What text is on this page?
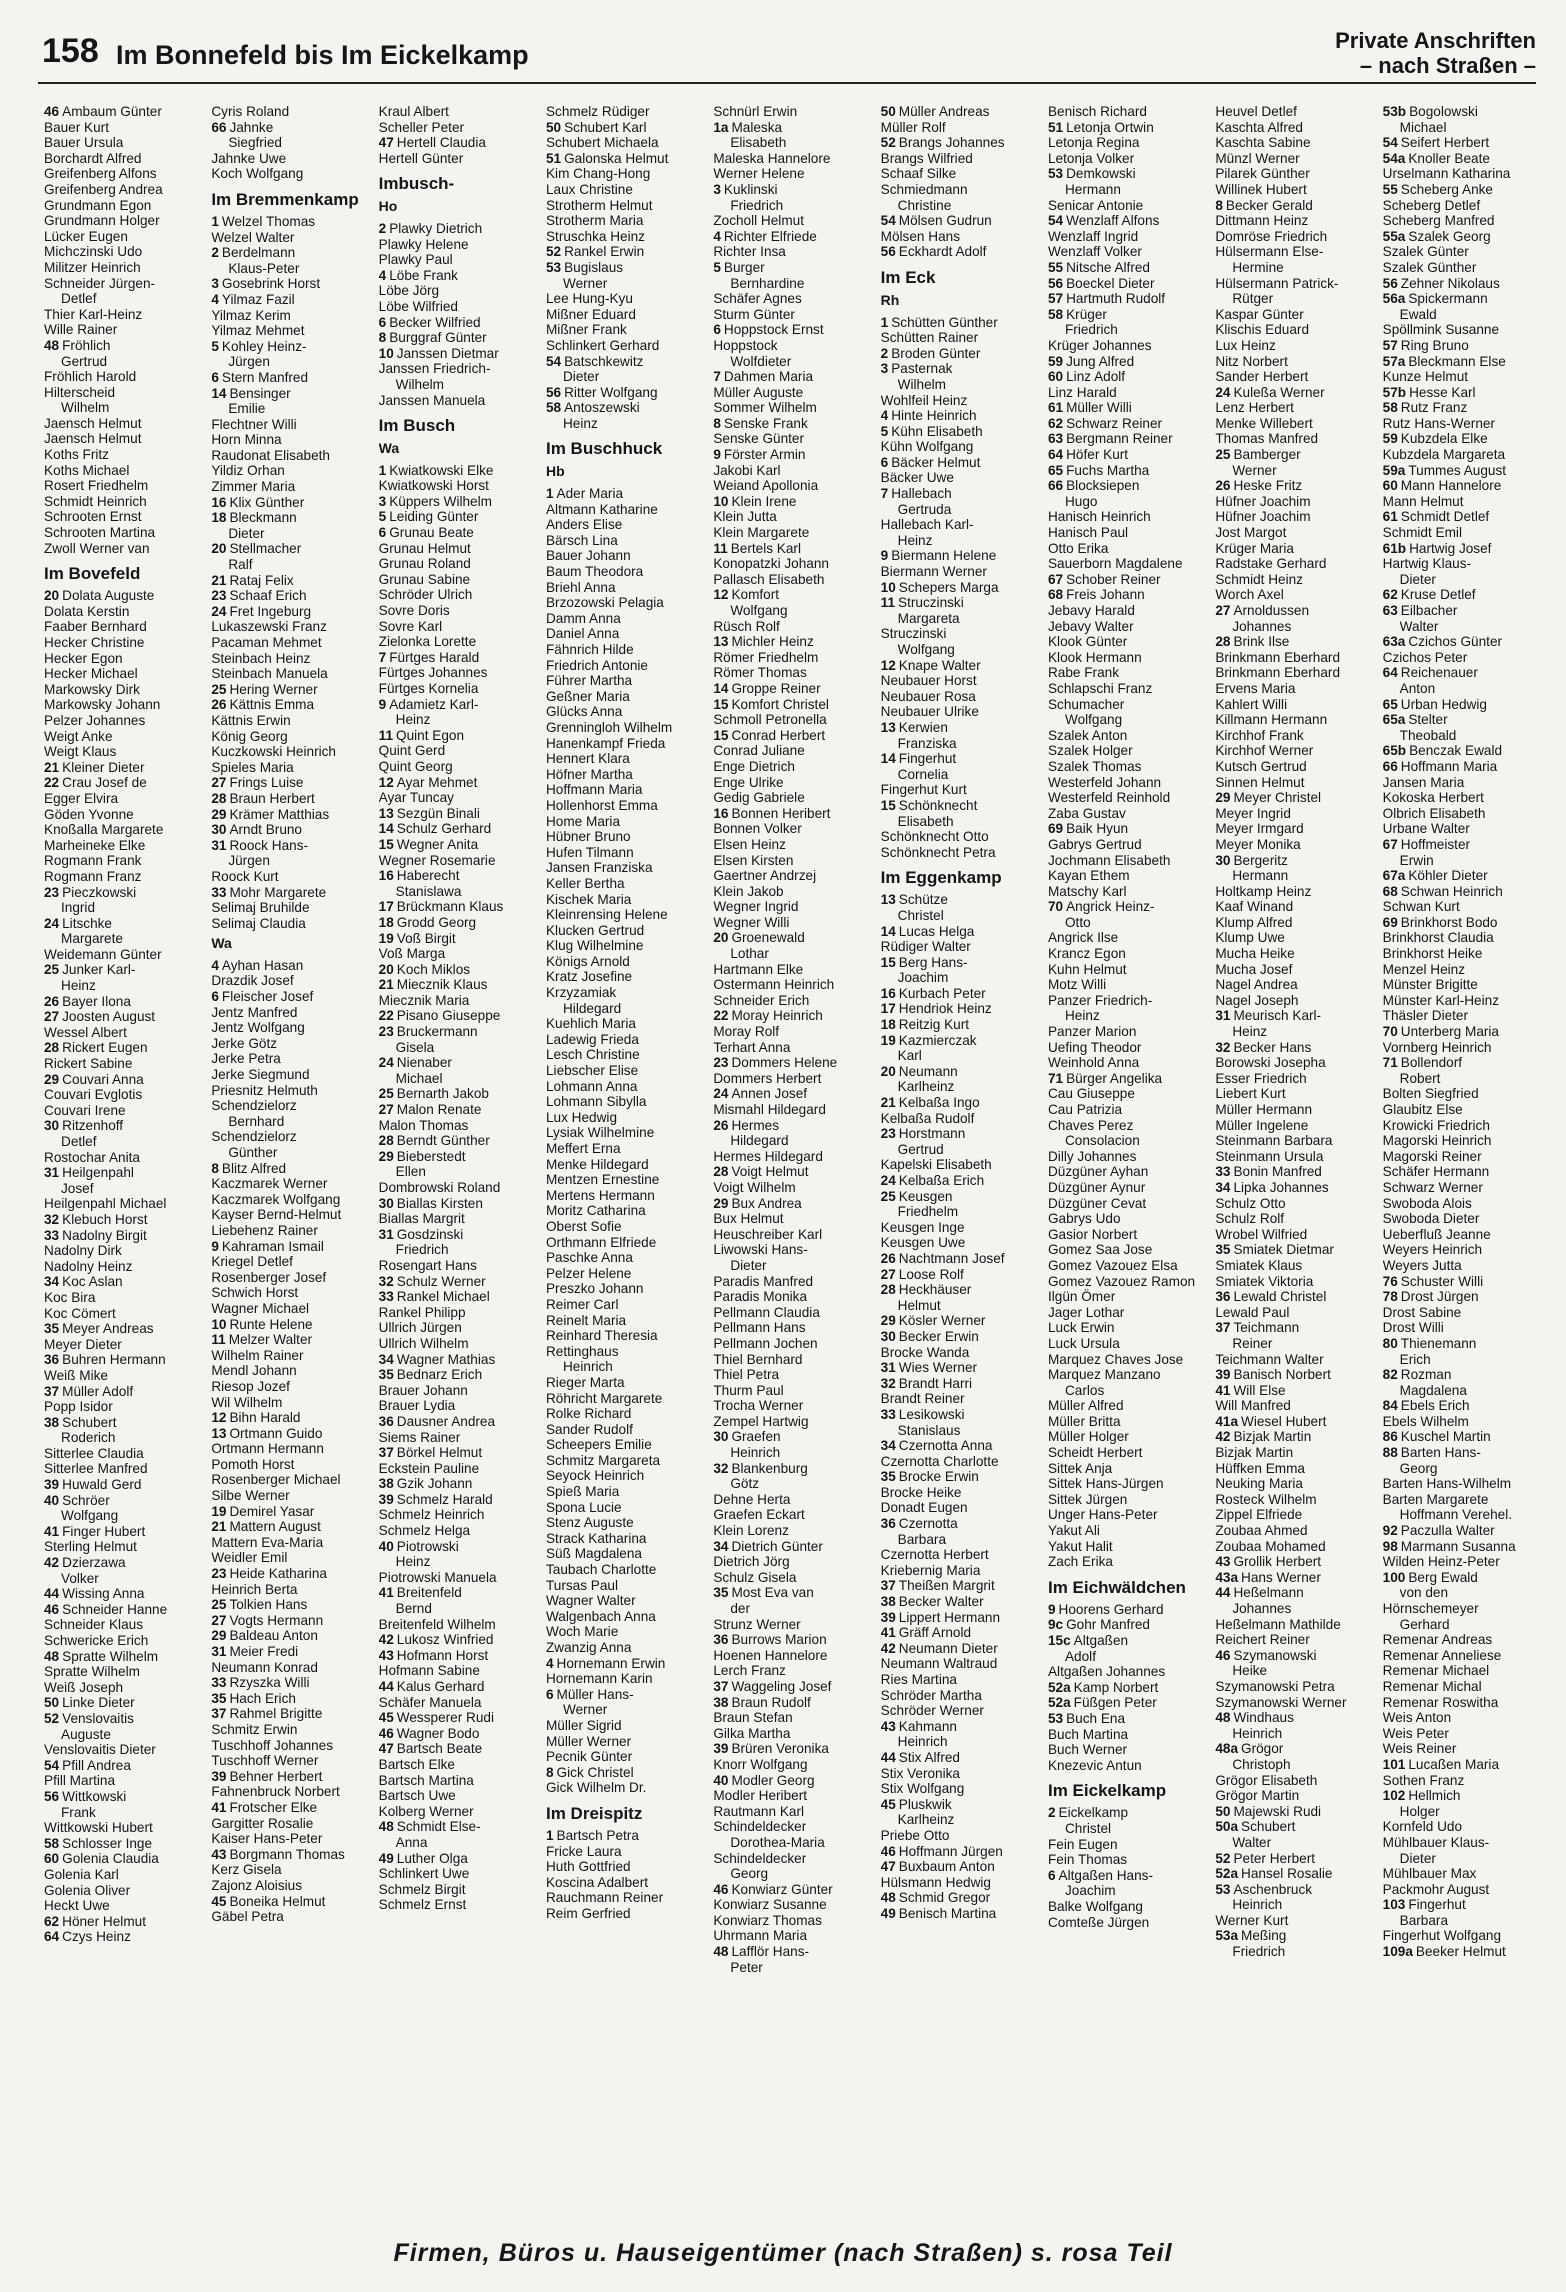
158 Im Bonnefeld bis Im Eickelkamp	Private Anschriften
– nach Straßen –
46 Ambaum Günter
Bauer Kurt
Bauer Ursula
Borchardt Alfred
Greifenberg Alfons
Greifenberg Andrea
Grundmann Egon
Grundmann Holger
Lücker Eugen
Michczinski Udo
Militzer Heinrich
Schneider Jürgen-
Detlef
Thier Karl-Heinz
Wille Rainer
48 Fröhlich
Gertrud
Fröhlich Harold
Hilterscheid
Wilhelm
Jaensch Helmut
Jaensch Helmut
Koths Fritz
Koths Michael
Rosert Friedhelm
Schmidt Heinrich
Schrooten Ernst
Schrooten Martina
Zwoll Werner van
Im Bovefeld
20 Dolata Auguste
Dolata Kerstin
Faaber Bernhard
Hecker Christine
Hecker Egon
Hecker Michael
Markowsky Dirk
Markowsky Johann
Pelzer Johannes
Weigt Anke
Weigt Klaus
21 Kleiner Dieter
22 Crau Josef de
Egger Elvira
Göden Yvonne
Knoßalla Margarete
Marheineke Elke
Rogmann Frank
Rogmann Franz
23 Pieczkowski
Ingrid
24 Litschke
Margarete
Weidemann Günter
25 Junker Karl-
Heinz
26 Bayer Ilona
27 Joosten August
Wessel Albert
28 Rickert Eugen
Rickert Sabine
29 Couvari Anna
Couvari Evglotis
Couvari Irene
30 Ritzenhoff
Detlef
Rostochar Anita
31 Heilgenpahl
Josef
Heilgenpahl Michael
32 Klebuch Horst
33 Nadolny Birgit
Nadolny Dirk
Nadolny Heinz
34 Koc Aslan
Koc Bira
Koc Cömert
35 Meyer Andreas
Meyer Dieter
36 Buhren Hermann
Weiß Mike
37 Müller Adolf
Popp Isidor
38 Schubert
Roderich
Sitterlee Claudia
Sitterlee Manfred
39 Huwald Gerd
40 Schröer
Wolfgang
41 Finger Hubert
Sterling Helmut
42 Dzierzawa
Volker
44 Wissing Anna
46 Schneider Hanne
Schneider Klaus
Schwericke Erich
48 Spratte Wilhelm
Spratte Wilhelm
Weiß Joseph
50 Linke Dieter
52 Venslovaitis
Auguste
Venslovaitis Dieter
54 Pfill Andrea
Pfill Martina
56 Wittkowski
Frank
Wittkowski Hubert
58 Schlosser Inge
60 Golenia Claudia
Golenia Karl
Golenia Oliver
Heckt Uwe
62 Höner Helmut
64 Czys Heinz
Cyris Roland
66 Jahnke
Siegfried
Jahnke Uwe
Koch Wolfgang
Im Bremmenkamp
1 Welzel Thomas
Welzel Walter
2 Berdelmann
Klaus-Peter
3 Gosebrink Horst
4 Yilmaz Fazil
Yilmaz Kerim
Yilmaz Mehmet
5 Kohley Heinz-
Jürgen
6 Stern Manfred
14 Bensinger
Emilie
Flechtner Willi
Horn Minna
Raudonat Elisabeth
Yildiz Orhan
Zimmer Maria
16 Klix Günther
18 Bleckmann
Dieter
20 Stellmacher
Ralf
21 Rataj Felix
23 Schaaf Erich
24 Fret Ingeburg
Lukaszewski Franz
Pacaman Mehmet
Steinbach Heinz
Steinbach Manuela
25 Hering Werner
26 Kättnis Emma
Kättnis Erwin
König Georg
Kuczkowski Heinrich
Spieles Maria
27 Frings Luise
28 Braun Herbert
29 Krämer Matthias
30 Arndt Bruno
31 Roock Hans-
Jürgen
Roock Kurt
33 Mohr Margarete
Selimaj Bruhilde
Selimaj Claudia
Wa
4 Ayhan Hasan
Drazdik Josef
6 Fleischer Josef
Jentz Manfred
Jentz Wolfgang
Jerke Götz
Jerke Petra
Jerke Siegmund
Priesnitz Helmuth
Schendzielorz
Bernhard
Schendzielorz
Günther
8 Blitz Alfred
Kaczmarek Werner
Kaczmarek Wolfgang
Kayser Bernd-Helmut
Liebehenz Rainer
9 Kahraman Ismail
Kriegel Detlef
Rosenberger Josef
Schwich Horst
Wagner Michael
10 Runte Helene
11 Melzer Walter
Wilhelm Rainer
Mendl Johann
Riesop Jozef
Wil Wilhelm
12 Bihn Harald
13 Ortmann Guido
Ortmann Hermann
Pomoth Horst
Rosenberger Michael
Silbe Werner
19 Demirel Yasar
21 Mattern August
Mattern Eva-Maria
Weidler Emil
23 Heide Katharina
Heinrich Berta
25 Tolkien Hans
27 Vogts Hermann
29 Baldeau Anton
31 Meier Fredi
Neumann Konrad
33 Rzyszka Willi
35 Hach Erich
37 Rahmel Brigitte
Schmitz Erwin
Tuschhoff Johannes
Tuschhoff Werner
39 Behner Herbert
Fahnenbruck Norbert
41 Frotscher Elke
Gargitter Rosalie
Kaiser Hans-Peter
43 Borgmann Thomas
Kerz Gisela
Zajonz Aloisius
45 Boneika Helmut
Gäbel Petra
Kraul Albert
Scheller Peter
47 Hertell Claudia
Hertell Günter
Imbusch-
Ho
2 Plawky Dietrich
Plawky Helene
Plawky Paul
4 Löbe Frank
Löbe Jörg
Löbe Wilfried
6 Becker Wilfried
8 Burggraf Günter
10 Janssen Dietmar
Janssen Friedrich-
Wilhelm
Janssen Manuela
Im Busch
Wa
1 Kwiatkowski Elke
Kwiatkowski Horst
3 Küppers Wilhelm
5 Leiding Günter
6 Grunau Beate
Grunau Helmut
Grunau Roland
Grunau Sabine
Schröder Ulrich
Sovre Doris
Sovre Karl
Zielonka Lorette
7 Fürtges Harald
Fürtges Johannes
Fürtges Kornelia
9 Adamietz Karl-
Heinz
11 Quint Egon
Quint Gerd
Quint Georg
12 Ayar Mehmet
Ayar Tuncay
13 Sezgün Binali
14 Schulz Gerhard
15 Wegner Anita
Wegner Rosemarie
16 Haberecht
Stanislawa
17 Brückmann Klaus
18 Grodd Georg
19 Voß Birgit
Voß Marga
20 Koch Miklos
21 Miecznik Klaus
Miecznik Maria
22 Pisano Giuseppe
23 Bruckermann
Gisela
24 Nienaber
Michael
25 Bernarth Jakob
27 Malon Renate
Malon Thomas
28 Berndt Günther
29 Bieberstedt
Ellen
Dombrowski Roland
30 Biallas Kirsten
Biallas Margrit
31 Gosdzinski
Friedrich
Rosengart Hans
32 Schulz Werner
33 Rankel Michael
Rankel Philipp
Ullrich Jürgen
Ullrich Wilhelm
34 Wagner Mathias
35 Bednarz Erich
Brauer Johann
Brauer Lydia
36 Dausner Andrea
Siems Rainer
37 Börkel Helmut
Eckstein Pauline
38 Gzik Johann
39 Schmelz Harald
Schmelz Heinrich
Schmelz Helga
40 Piotrowski
Heinz
Piotrowski Manuela
41 Breitenfeld
Bernd
Breitenfeld Wilhelm
42 Lukosz Winfried
43 Hofmann Horst
Hofmann Sabine
44 Kalus Gerhard
Schäfer Manuela
45 Wessperer Rudi
46 Wagner Bodo
47 Bartsch Beate
Bartsch Elke
Bartsch Martina
Bartsch Uwe
Kolberg Werner
48 Schmidt Else-
Anna
49 Luther Olga
Schlinkert Uwe
Schmelz Birgit
Schmelz Ernst
Schmelz Rüdiger
50 Schubert Karl
Schubert Michaela
51 Galonska Helmut
Kim Chang-Hong
Laux Christine
Strotherm Helmut
Strotherm Maria
Struschka Heinz
52 Rankel Erwin
53 Bugislaus
Werner
Lee Hung-Kyu
Mißner Eduard
Mißner Frank
Schlinkert Gerhard
54 Batschkewitz
Dieter
56 Ritter Wolfgang
58 Antoszewski
Heinz
Im Buschhuck
Hb
1 Ader Maria
Altmann Katharine
Anders Elise
Bärsch Lina
Bauer Johann
Baum Theodora
Briehl Anna
Brzozowski Pelagia
Damm Anna
Daniel Anna
Fähnrich Hilde
Friedrich Antonie
Führer Martha
Geßner Maria
Glücks Anna
Grenningloh Wilhelm
Hanenkampf Frieda
Hennert Klara
Höfner Martha
Hoffmann Maria
Hollenhorst Emma
Home Maria
Hübner Bruno
Hufen Tilmann
Jansen Franziska
Keller Bertha
Kischek Maria
Kleinrensing Helene
Klucken Gertrud
Klug Wilhelmine
Königs Arnold
Kratz Josefine
Krzyzamiak
Hildegard
Kuehlich Maria
Ladewig Frieda
Lesch Christine
Liebscher Elise
Lohmann Anna
Lohmann Sibylla
Lux Hedwig
Lysiak Wilhelmine
Meffert Erna
Menke Hildegard
Mentzen Ernestine
Mertens Hermann
Moritz Catharina
Oberst Sofie
Orthmann Elfriede
Paschke Anna
Pelzer Helene
Preszko Johann
Reimer Carl
Reinelt Maria
Reinhard Theresia
Rettinghaus
Heinrich
Rieger Marta
Röhricht Margarete
Rolke Richard
Sander Rudolf
Scheepers Emilie
Schmitz Margareta
Seyock Heinrich
Spieß Maria
Spona Lucie
Stenz Auguste
Strack Katharina
Süß Magdalena
Taubach Charlotte
Tursas Paul
Wagner Walter
Walgenbach Anna
Woch Marie
Zwanzig Anna
4 Hornemann Erwin
Hornemann Karin
6 Müller Hans-
Werner
Müller Sigrid
Müller Werner
Pecnik Günter
8 Gick Christel
Gick Wilhelm Dr.
Im Dreispitz
1 Bartsch Petra
Fricke Laura
Huth Gottfried
Koscina Adalbert
Rauchmann Reiner
Reim Gerfried
Schnürl Erwin
1a Maleska
Elisabeth
Maleska Hannelore
Werner Helene
3 Kuklinski
Friedrich
Zocholl Helmut
4 Richter Elfriede
Richter Insa
5 Burger
Bernhardine
Schäfer Agnes
Sturm Günter
6 Hoppstock Ernst
Hoppstock
Wolfdieter
7 Dahmen Maria
Müller Auguste
Sommer Wilhelm
8 Senske Frank
Senske Günter
9 Förster Armin
Jakobi Karl
Weiand Apollonia
10 Klein Irene
Klein Jutta
Klein Margarete
11 Bertels Karl
Konopatzki Johann
Pallasch Elisabeth
12 Komfort
Wolfgang
Rüsch Rolf
13 Michler Heinz
Römer Friedhelm
Römer Thomas
14 Groppe Reiner
15 Komfort Christel
Schmoll Petronella
15 Conrad Herbert
Conrad Juliane
Enge Dietrich
Enge Ulrike
Gedig Gabriele
16 Bonnen Heribert
Bonnen Volker
Elsen Heinz
Elsen Kirsten
Gaertner Andrzej
Klein Jakob
Wegner Ingrid
Wegner Willi
20 Groenewald
Lothar
Hartmann Elke
Ostermann Heinrich
Schneider Erich
22 Moray Heinrich
Moray Rolf
Terhart Anna
23 Dommers Helene
Dommers Herbert
24 Annen Josef
Mismahl Hildegard
26 Hermes
Hildegard
Hermes Hildegard
28 Voigt Helmut
Voigt Wilhelm
29 Bux Andrea
Bux Helmut
Heuschreiber Karl
Liwowski Hans-
Dieter
Paradis Manfred
Paradis Monika
Pellmann Claudia
Pellmann Hans
Pellmann Jochen
Thiel Bernhard
Thiel Petra
Thurm Paul
Trocha Werner
Zempel Hartwig
30 Graefen
Heinrich
32 Blankenburg
Götz
Dehne Herta
Graefen Eckart
Klein Lorenz
34 Dietrich Günter
Dietrich Jörg
Schulz Gisela
35 Most Eva van
der
Strunz Werner
36 Burrows Marion
Hoenen Hannelore
Lerch Franz
37 Waggeling Josef
38 Braun Rudolf
Braun Stefan
Gilka Martha
39 Brüren Veronika
Knorr Wolfgang
40 Modler Georg
Modler Heribert
Rautmann Karl
Schindeldecker
Dorothea-Maria
Schindeldecker
Georg
46 Konwiarz Günter
Konwiarz Susanne
Konwiarz Thomas
Uhrmann Maria
48 Lafflör Hans-
Peter
50 Müller Andreas
Müller Rolf
52 Brangs Johannes
Brangs Wilfried
Schaaf Silke
Schmiedmann
Christine
54 Mölsen Gudrun
Mölsen Hans
56 Eckhardt Adolf
Im Eck
Rh
1 Schütten Günther
Schütten Rainer
2 Broden Günter
3 Pasternak
Wilhelm
Wohlfeil Heinz
4 Hinte Heinrich
5 Kühn Elisabeth
Kühn Wolfgang
6 Bäcker Helmut
Bäcker Uwe
7 Hallebach
Gertruda
Hallebach Karl-
Heinz
9 Biermann Helene
Biermann Werner
10 Schepers Marga
11 Struczinski
Margareta
Struczinski
Wolfgang
12 Knape Walter
Neubauer Horst
Neubauer Rosa
Neubauer Ulrike
13 Kerwien
Franziska
14 Fingerhut
Cornelia
Fingerhut Kurt
15 Schönknecht
Elisabeth
Schönknecht Otto
Schönknecht Petra
Im Eggenkamp
13 Schütze
Christel
14 Lucas Helga
Rüdiger Walter
15 Berg Hans-
Joachim
16 Kurbach Peter
17 Hendriok Heinz
18 Reitzig Kurt
19 Kazmierczak
Karl
20 Neumann
Karlheinz
21 Kelbaßa Ingo
Kelbaßa Rudolf
23 Horstmann
Gertrud
Kapelski Elisabeth
24 Kelbaßa Erich
25 Keusgen
Friedhelm
Keusgen Inge
Keusgen Uwe
26 Nachtmann Josef
27 Loose Rolf
28 Heckhäuser
Helmut
29 Kösler Werner
30 Becker Erwin
Brocke Wanda
31 Wies Werner
32 Brandt Harri
Brandt Reiner
33 Lesikowski
Stanislaus
34 Czernotta Anna
Czernotta Charlotte
35 Brocke Erwin
Brocke Heike
Donadt Eugen
36 Czernotta
Barbara
Czernotta Herbert
Kriebernig Maria
37 Theißen Margrit
38 Becker Walter
39 Lippert Hermann
41 Gräff Arnold
42 Neumann Dieter
Neumann Waltraud
Ries Martina
Schröder Martha
Schröder Werner
43 Kahmann
Heinrich
44 Stix Alfred
Stix Veronika
Stix Wolfgang
45 Pluskwik
Karlheinz
Priebe Otto
46 Hoffmann Jürgen
47 Buxbaum Anton
Hülsmann Hedwig
48 Schmid Gregor
49 Benisch Martina
Benisch Richard
51 Letonja Ortwin
Letonja Regina
Letonja Volker
53 Demkowski
Hermann
Senicar Antonie
54 Wenzlaff Alfons
Wenzlaff Ingrid
Wenzlaff Volker
55 Nitsche Alfred
56 Boeckel Dieter
57 Hartmuth Rudolf
58 Krüger
Friedrich
Krüger Johannes
59 Jung Alfred
60 Linz Adolf
Linz Harald
61 Müller Willi
62 Schwarz Reiner
63 Bergmann Reiner
64 Höfer Kurt
65 Fuchs Martha
66 Blocksiepen
Hugo
Hanisch Heinrich
Hanisch Paul
Otto Erika
Sauerborn Magdalene
67 Schober Reiner
68 Freis Johann
Jebavy Harald
Jebavy Walter
Klook Günter
Klook Hermann
Rabe Frank
Schlapschi Franz
Schumacher
Wolfgang
Szalek Anton
Szalek Holger
Szalek Thomas
Westerfeld Johann
Westerfeld Reinhold
Zaba Gustav
69 Baik Hyun
Gabrys Gertrud
Jochmann Elisabeth
Kayan Ethem
Matschy Karl
70 Angrick Heinz-
Otto
Angrick Ilse
Krancz Egon
Kuhn Helmut
Motz Willi
Panzer Friedrich-
Heinz
Panzer Marion
Uefing Theodor
Weinhold Anna
71 Bürger Angelika
Cau Giuseppe
Cau Patrizia
Chaves Perez
Consolacion
Dilly Johannes
Düzgüner Ayhan
Düzgüner Aynur
Düzgüner Cevat
Gabrys Udo
Gasior Norbert
Gomez Saa Jose
Gomez Vazouez Elsa
Gomez Vazouez Ramon
Ilgün Ömer
Jager Lothar
Luck Erwin
Luck Ursula
Marquez Chaves Jose
Marquez Manzano
Carlos
Müller Alfred
Müller Britta
Müller Holger
Scheidt Herbert
Sittek Anja
Sittek Hans-Jürgen
Sittek Jürgen
Unger Hans-Peter
Yakut Ali
Yakut Halit
Zach Erika
Im Eichwäldchen
9 Hoorens Gerhard
9c Gohr Manfred
15c Altgaßen
Adolf
Altgaßen Johannes
52a Kamp Norbert
52a Füßgen Peter
53 Buch Ena
Buch Martina
Buch Werner
Knezevic Antun
Im Eickelkamp
2 Eickelkamp
Christel
Fein Eugen
Fein Thomas
6 Altgaßen Hans-
Joachim
Balke Wolfgang
Comteße Jürgen
Heuvel Detlef
Kaschta Alfred
Kaschta Sabine
Münzl Werner
Pilarek Günther
Willinek Hubert
8 Becker Gerald
Dittmann Heinz
Domröse Friedrich
Hülsermann Else-
Hermine
Hülsermann Patrick-
Rütger
Kaspar Günter
Klischis Eduard
Lux Heinz
Nitz Norbert
Sander Herbert
24 Kuleßa Werner
Lenz Herbert
Menke Willebert
Thomas Manfred
25 Bamberger
Werner
26 Heske Fritz
Hüfner Joachim
Hüfner Joachim
Jost Margot
Krüger Maria
Radstake Gerhard
Schmidt Heinz
Worch Axel
27 Arnoldussen
Johannes
28 Brink Ilse
Brinkmann Eberhard
Brinkmann Eberhard
Ervens Maria
Kahlert Willi
Killmann Hermann
Kirchhof Frank
Kirchhof Werner
Kutsch Gertrud
Sinnen Helmut
29 Meyer Christel
Meyer Ingrid
Meyer Irmgard
Meyer Monika
30 Bergeritz
Hermann
Holtkamp Heinz
Kaaf Winand
Klump Alfred
Klump Uwe
Mucha Heike
Mucha Josef
Nagel Andrea
Nagel Joseph
31 Meurisch Karl-
Heinz
32 Becker Hans
Borowski Josepha
Esser Friedrich
Liebert Kurt
Müller Hermann
Müller Ingelene
Steinmann Barbara
Steinmann Ursula
33 Bonin Manfred
34 Lipka Johannes
Schulz Otto
Schulz Rolf
Wrobel Wilfried
35 Smiatek Dietmar
Smiatek Klaus
Smiatek Viktoria
36 Lewald Christel
Lewald Paul
37 Teichmann
Reiner
Teichmann Walter
39 Banisch Norbert
41 Will Else
Will Manfred
41a Wiesel Hubert
42 Bizjak Martin
Bizjak Martin
Hüffken Emma
Neuking Maria
Rosteck Wilhelm
Zippel Elfriede
Zoubaa Ahmed
Zoubaa Mohamed
43 Grollik Herbert
43a Hans Werner
44 Heßelmann
Johannes
Heßelmann Mathilde
Reichert Reiner
46 Szymanowski
Heike
Szymanowski Petra
Szymanowski Werner
48 Windhaus
Heinrich
48a Grögor
Christoph
Grögor Elisabeth
Grögor Martin
50 Majewski Rudi
50a Schubert
Walter
52 Peter Herbert
52a Hansel Rosalie
53 Aschenbruck
Heinrich
Werner Kurt
53a Meßing
Friedrich
53b Bogolowski
Michael
54 Seifert Herbert
54a Knoller Beate
Urselmann Katharina
55 Scheberg Anke
Scheberg Detlef
Scheberg Manfred
55a Szalek Georg
Szalek Günter
Szalek Günther
56 Zehner Nikolaus
56a Spickermann
Ewald
Spöllmink Susanne
57 Ring Bruno
57a Bleckmann Else
Kunze Helmut
57b Hesse Karl
58 Rutz Franz
Rutz Hans-Werner
59 Kubzdela Elke
Kubzdela Margareta
59a Tummes August
60 Mann Hannelore
Mann Helmut
61 Schmidt Detlef
Schmidt Emil
61b Hartwig Josef
Hartwig Klaus-
Dieter
62 Kruse Detlef
63 Eilbacher
Walter
63a Czichos Günter
Czichos Peter
64 Reichenauer
Anton
65 Urban Hedwig
65a Stelter
Theobald
65b Benczak Ewald
66 Hoffmann Maria
Jansen Maria
Kokoska Herbert
Olbrich Elisabeth
Urbane Walter
67 Hoffmeister
Erwin
67a Köhler Dieter
68 Schwan Heinrich
Schwan Kurt
69 Brinkhorst Bodo
Brinkhorst Claudia
Brinkhorst Heike
Menzel Heinz
Münster Brigitte
Münster Karl-Heinz
Thäsler Dieter
70 Unterberg Maria
Vornberg Heinrich
71 Bollendorf
Robert
Bolten Siegfried
Glaubitz Else
Krowicki Friedrich
Magorski Heinrich
Magorski Reiner
Schäfer Hermann
Schwarz Werner
Swoboda Alois
Swoboda Dieter
Ueberfluß Jeanne
Weyers Heinrich
Weyers Jutta
76 Schuster Willi
78 Drost Jürgen
Drost Sabine
Drost Willi
80 Thienemann
Erich
82 Rozman
Magdalena
84 Ebels Erich
Ebels Wilhelm
86 Kuschel Martin
88 Barten Hans-
Georg
Barten Hans-Wilhelm
Barten Margarete
Hoffmann Verehel.
92 Paczulla Walter
98 Marmann Susanna
Wilden Heinz-Peter
100 Berg Ewald
von den
Hörnschemeyer
Gerhard
Remenar Andreas
Remenar Anneliese
Remenar Michael
Remenar Michal
Remenar Roswitha
Weis Anton
Weis Peter
Weis Reiner
101 Lucaßen Maria
Sothen Franz
102 Hellmich
Holger
Kornfeld Udo
Mühlbauer Klaus-
Dieter
Mühlbauer Max
Packmohr August
103 Fingerhut
Barbara
Fingerhut Wolfgang
109a Beeker Helmut
Firmen, Büros u. Hauseigentümer (nach Straßen) s. rosa Teil
